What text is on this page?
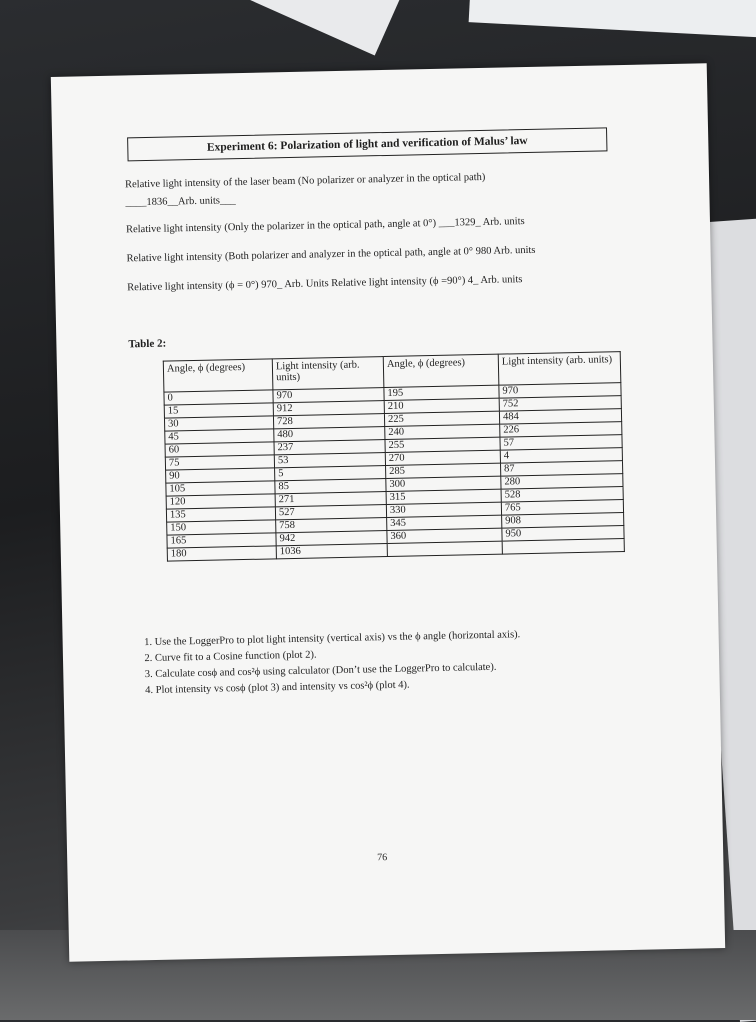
Experiment 6: Polarization of light and verification of Malus’ law
Relative light intensity of the laser beam (No polarizer or analyzer in the optical path)
____1836__Arb. units___
Relative light intensity (Only the polarizer in the optical path, angle at 0°) ___1329_ Arb. units
Relative light intensity (Both polarizer and analyzer in the optical path, angle at 0° 980 Arb. units
Relative light intensity (ϕ = 0°) 970_ Arb. Units Relative light intensity (ϕ =90°) 4_ Arb. units
Table 2:
Angle, ϕ (degrees)	Light intensity (arb. units)	Angle, ϕ (degrees)	Light intensity (arb. units)
0	970	195	970
15	912	210	752
30	728	225	484
45	480	240	226
60	237	255	57
75	53	270	4
90	5	285	87
105	85	300	280
120	271	315	528
135	527	330	765
150	758	345	908
165	942	360	950
180	1036		
1. Use the LoggerPro to plot light intensity (vertical axis) vs the ϕ angle (horizontal axis).
2. Curve fit to a Cosine function (plot 2).
3. Calculate cosϕ and cos²ϕ using calculator (Don’t use the LoggerPro to calculate).
4. Plot intensity vs cosϕ (plot 3) and intensity vs cos²ϕ (plot 4).
76
